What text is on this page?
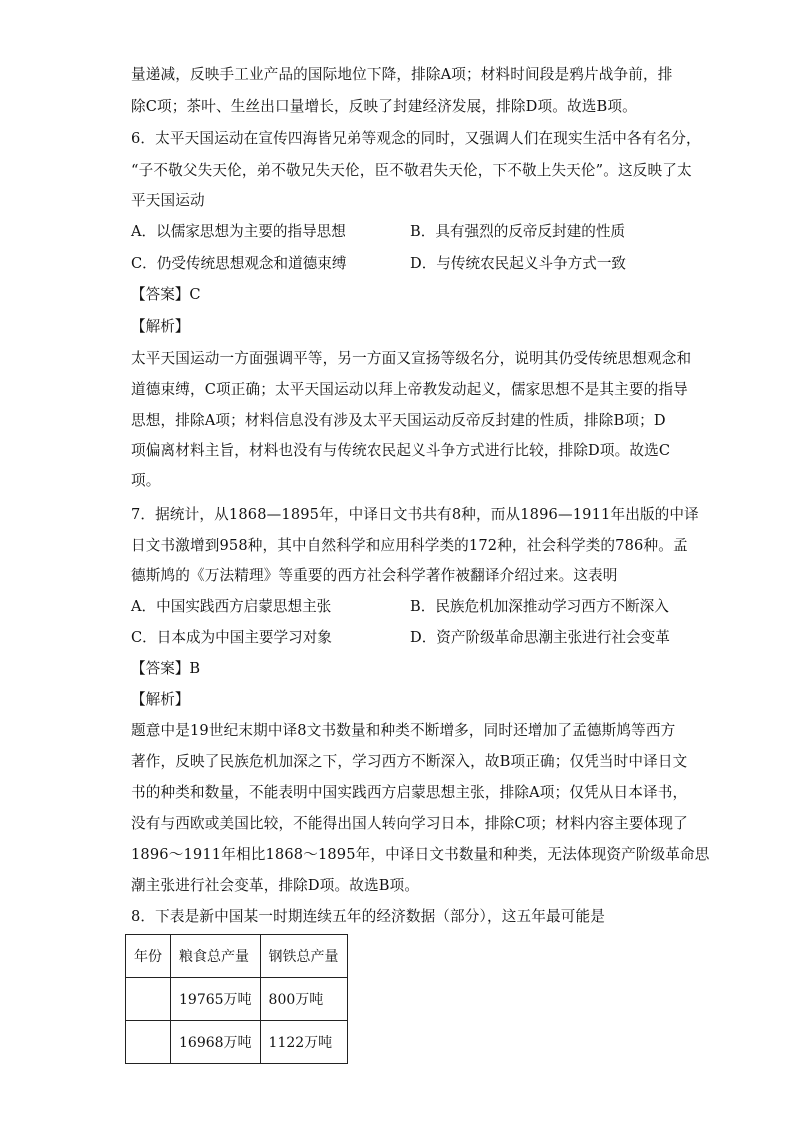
量递减，反映手工业产品的国际地位下降，排除A项；材料时间段是鸦片战争前，排
除C项；茶叶、生丝出口量增长，反映了封建经济发展，排除D项。故选B项。
6．太平天国运动在宣传四海皆兄弟等观念的同时，又强调人们在现实生活中各有名分，
“子不敬父失天伦，弟不敬兄失天伦，臣不敬君失天伦，下不敬上失天伦”。这反映了太
平天国运动
A．以儒家思想为主要的指导思想	B．具有强烈的反帝反封建的性质
C．仍受传统思想观念和道德束缚	D．与传统农民起义斗争方式一致
【答案】C
【解析】
太平天国运动一方面强调平等，另一方面又宣扬等级名分，说明其仍受传统思想观念和
道德束缚，C项正确；太平天国运动以拜上帝教发动起义，儒家思想不是其主要的指导
思想，排除A项；材料信息没有涉及太平天国运动反帝反封建的性质，排除B项；D
项偏离材料主旨，材料也没有与传统农民起义斗争方式进行比较，排除D项。故选C
项。
7．据统计，从1868—1895年，中译日文书共有8种，而从1896—1911年出版的中译
日文书激增到958种，其中自然科学和应用科学类的172种，社会科学类的786种。孟
德斯鸠的《万法精理》等重要的西方社会科学著作被翻译介绍过来。这表明
A．中国实践西方启蒙思想主张	B．民族危机加深推动学习西方不断深入
C．日本成为中国主要学习对象	D．资产阶级革命思潮主张进行社会变革
【答案】B
【解析】
题意中是19世纪末期中译8文书数量和种类不断增多，同时还增加了孟德斯鸠等西方
著作，反映了民族危机加深之下，学习西方不断深入，故B项正确；仅凭当时中译日文
书的种类和数量，不能表明中国实践西方启蒙思想主张，排除A项；仅凭从日本译书，
没有与西欧或美国比较，不能得出国人转向学习日本，排除C项；材料内容主要体现了
1896～1911年相比1868～1895年，中译日文书数量和种类，无法体现资产阶级革命思
潮主张进行社会变革，排除D项。故选B项。
8．下表是新中国某一时期连续五年的经济数据（部分），这五年最可能是
年份	粮食总产量	钢铁总产量
	19765万吨	800万吨
	16968万吨	1122万吨
